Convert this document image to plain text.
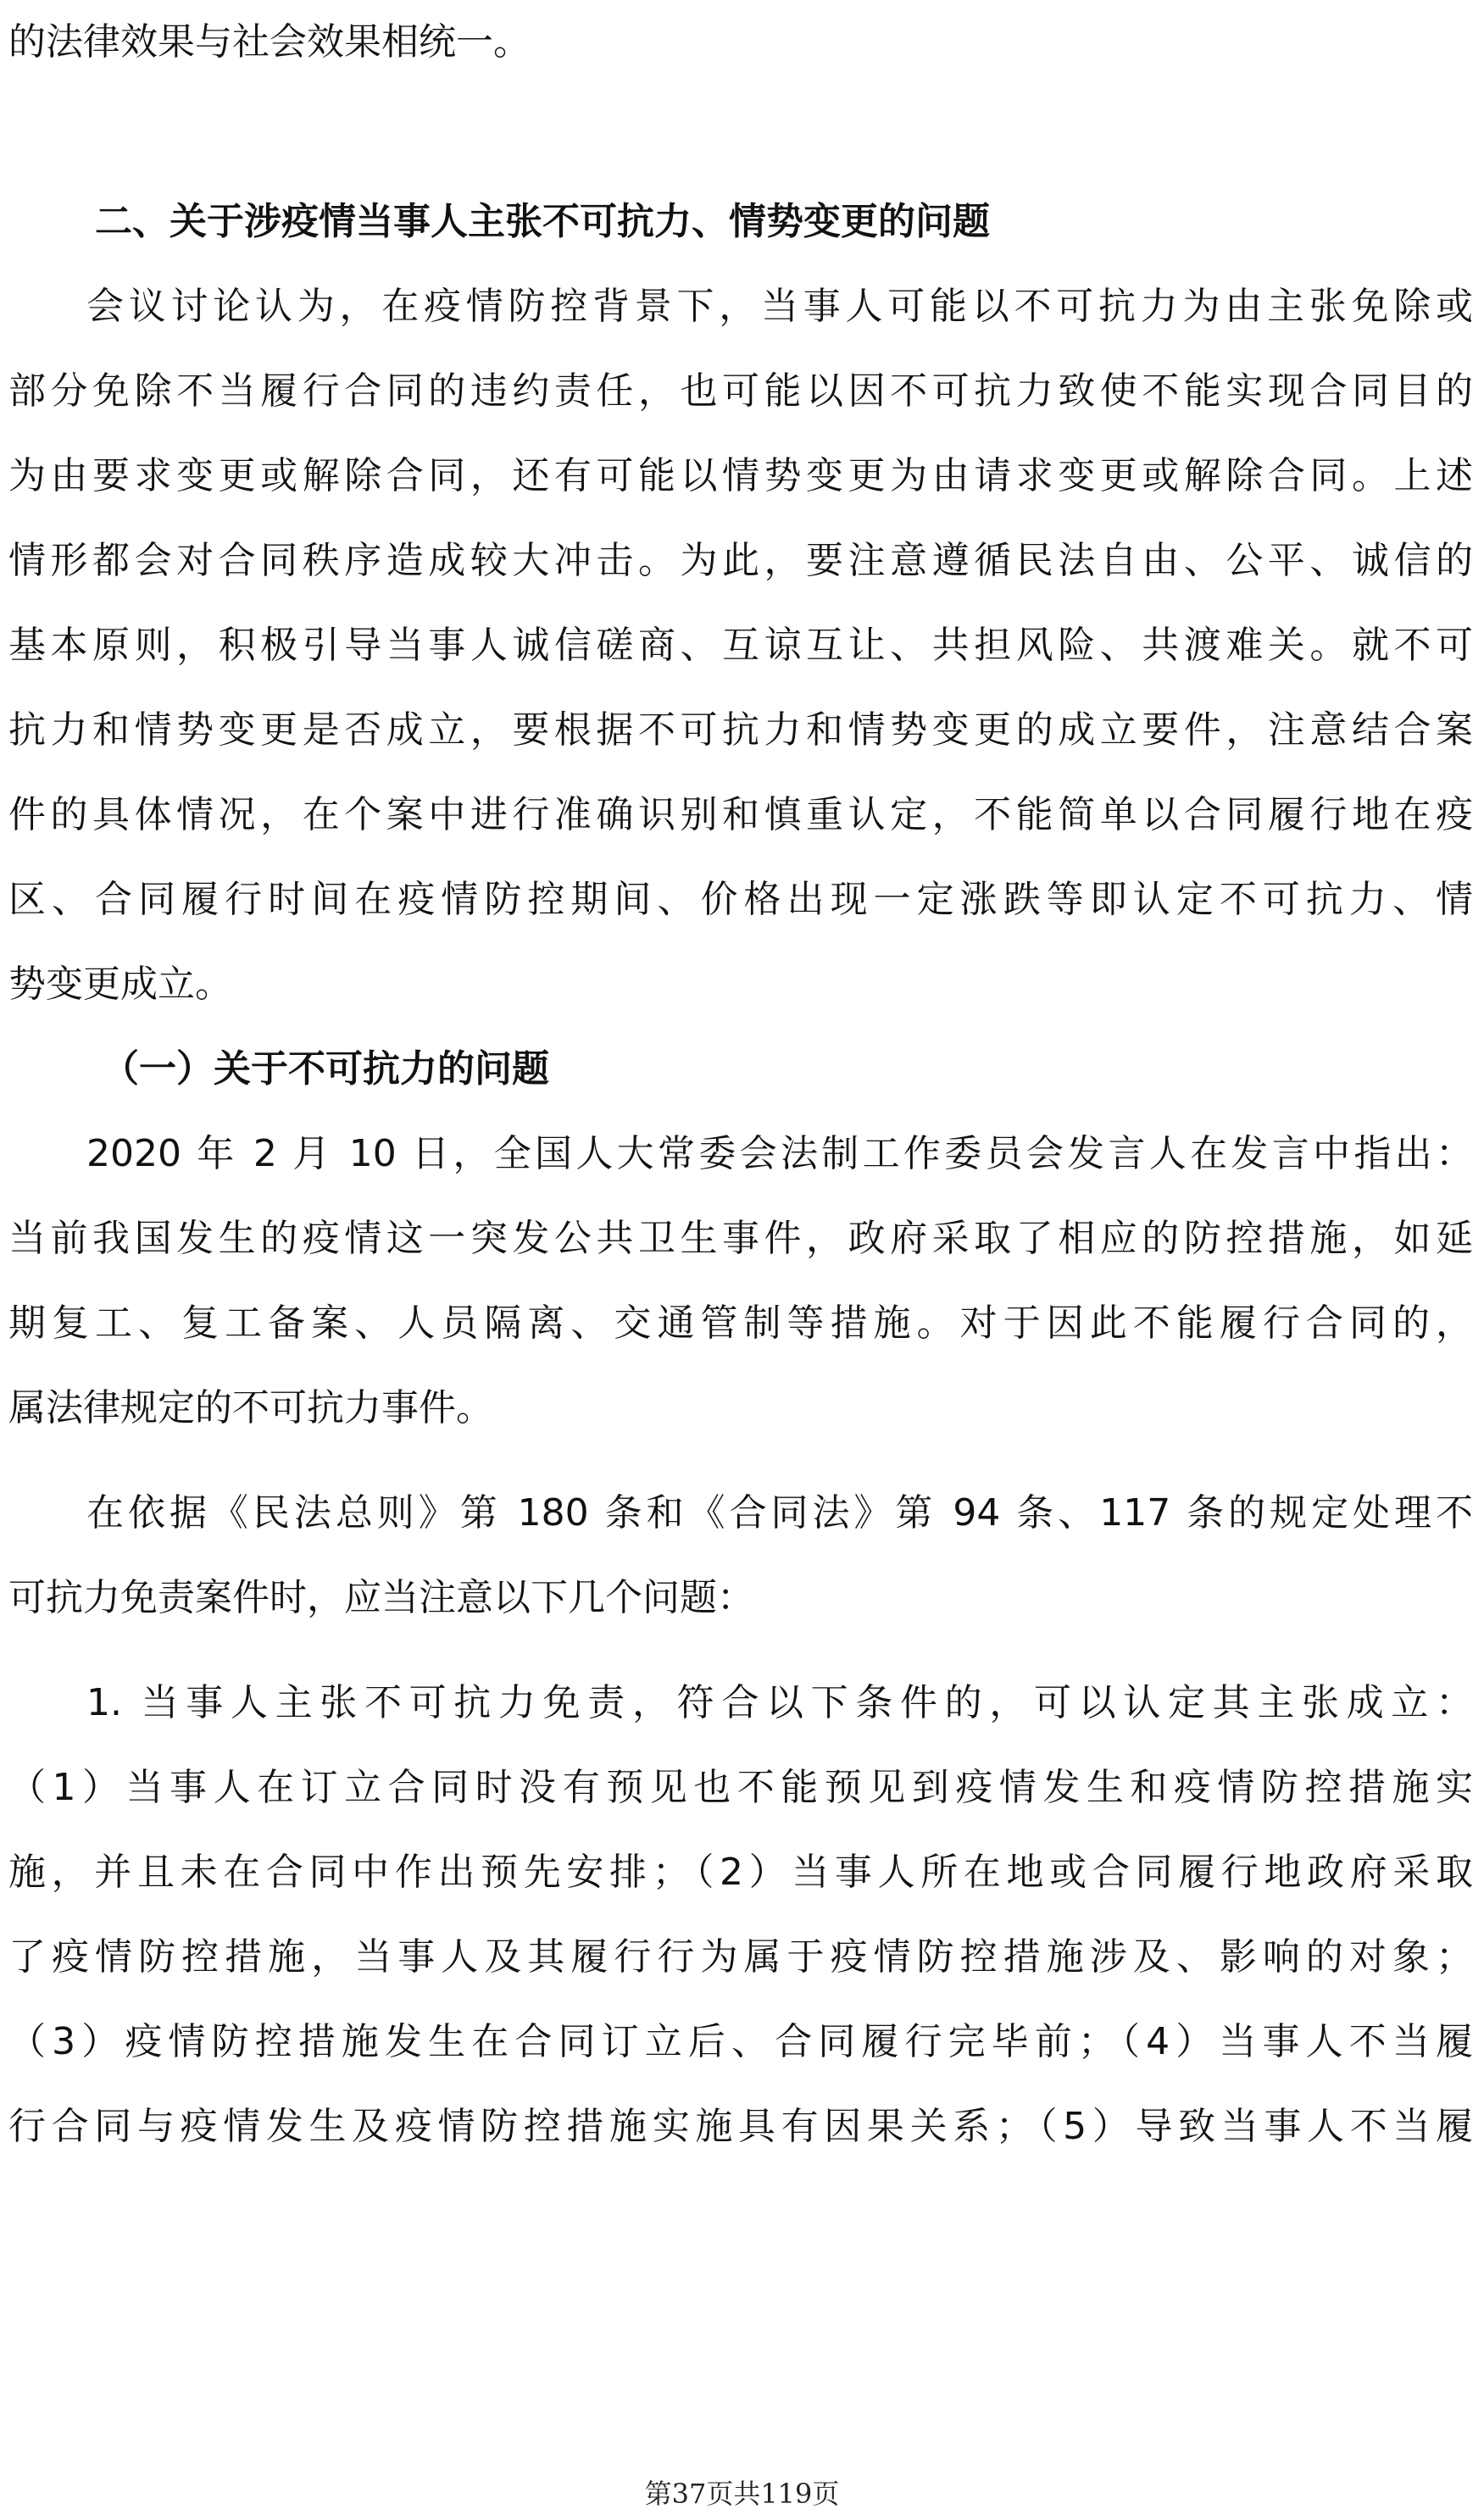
的法律效果与社会效果相统一。
二、关于涉疫情当事人主张不可抗力、情势变更的问题
会议讨论认为，在疫情防控背景下，当事人可能以不可抗力为由主张免除或
部分免除不当履行合同的违约责任，也可能以因不可抗力致使不能实现合同目的
为由要求变更或解除合同，还有可能以情势变更为由请求变更或解除合同。上述
情形都会对合同秩序造成较大冲击。为此，要注意遵循民法自由、公平、诚信的
基本原则，积极引导当事人诚信磋商、互谅互让、共担风险、共渡难关。就不可
抗力和情势变更是否成立，要根据不可抗力和情势变更的成立要件，注意结合案
件的具体情况，在个案中进行准确识别和慎重认定，不能简单以合同履行地在疫
区、合同履行时间在疫情防控期间、价格出现一定涨跌等即认定不可抗力、情
势变更成立。
（一）关于不可抗力的问题
2020 年 2 月 10 日，全国人大常委会法制工作委员会发言人在发言中指出：
当前我国发生的疫情这一突发公共卫生事件，政府采取了相应的防控措施，如延
期复工、复工备案、人员隔离、交通管制等措施。对于因此不能履行合同的，
属法律规定的不可抗力事件。
在依据《民法总则》第 180 条和《合同法》第 94 条、117 条的规定处理不
可抗力免责案件时，应当注意以下几个问题：
1. 当事人主张不可抗力免责，符合以下条件的，可以认定其主张成立：
（1）当事人在订立合同时没有预见也不能预见到疫情发生和疫情防控措施实
施，并且未在合同中作出预先安排；（2）当事人所在地或合同履行地政府采取
了疫情防控措施，当事人及其履行行为属于疫情防控措施涉及、影响的对象；
（3）疫情防控措施发生在合同订立后、合同履行完毕前；（4）当事人不当履
行合同与疫情发生及疫情防控措施实施具有因果关系；（5）导致当事人不当履
第37页共119页
